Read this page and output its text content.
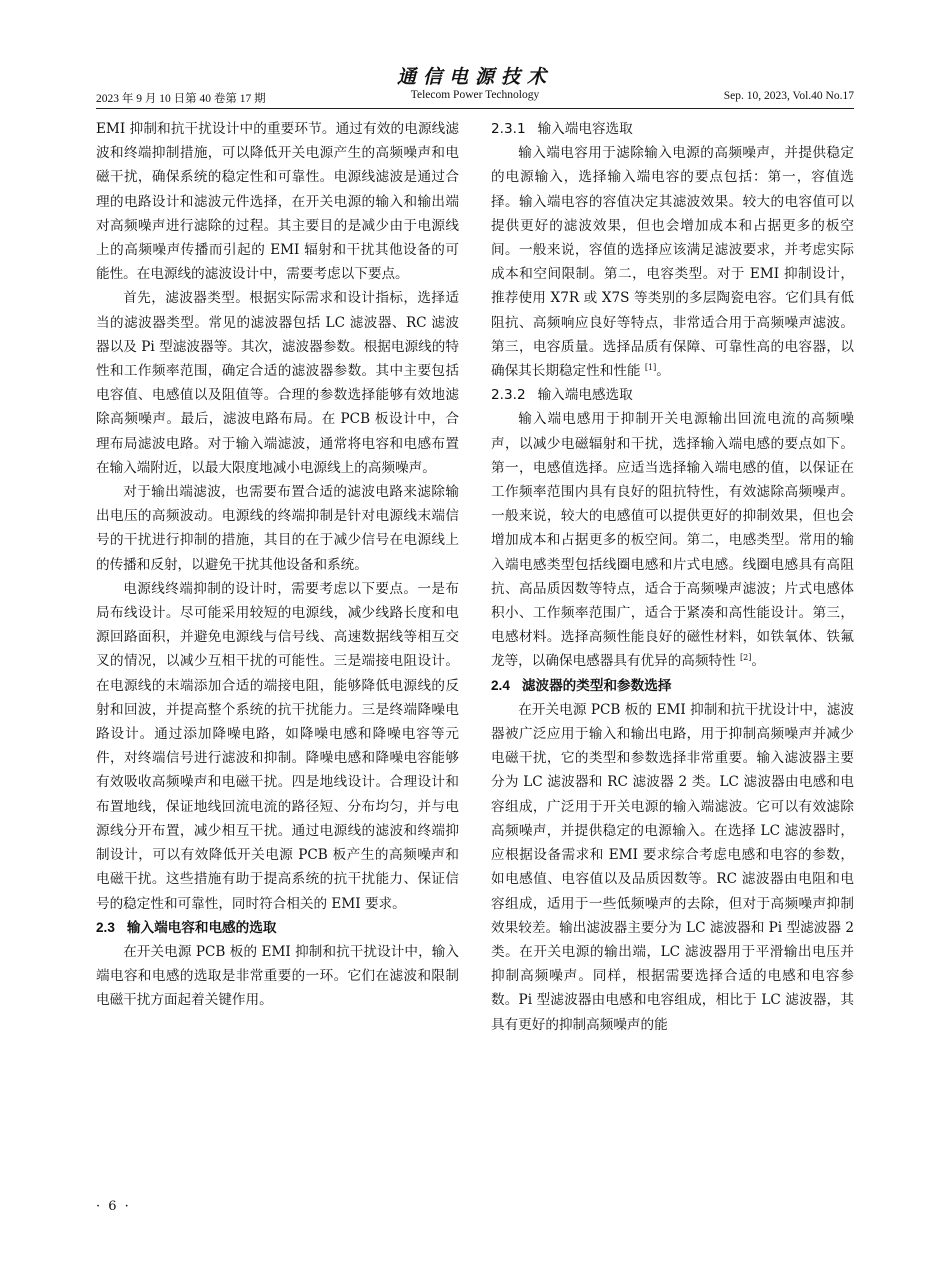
通信电源技术
Telecom Power Technology
2023 年 9 月 10 日第 40 卷第 17 期	Sep. 10, 2023, Vol.40 No.17

EMI 抑制和抗干扰设计中的重要环节。通过有效的电源线滤波和终端抑制措施，可以降低开关电源产生的高频噪声和电磁干扰，确保系统的稳定性和可靠性。电源线滤波是通过合理的电路设计和滤波元件选择，在开关电源的输入和输出端对高频噪声进行滤除的过程。其主要目的是减少由于电源线上的高频噪声传播而引起的 EMI 辐射和干扰其他设备的可能性。在电源线的滤波设计中，需要考虑以下要点。

首先，滤波器类型。根据实际需求和设计指标，选择适当的滤波器类型。常见的滤波器包括 LC 滤波器、RC 滤波器以及 Pi 型滤波器等。其次，滤波器参数。根据电源线的特性和工作频率范围，确定合适的滤波器参数。其中主要包括电容值、电感值以及阻值等。合理的参数选择能够有效地滤除高频噪声。最后，滤波电路布局。在 PCB 板设计中，合理布局滤波电路。对于输入端滤波，通常将电容和电感布置在输入端附近，以最大限度地减小电源线上的高频噪声。

对于输出端滤波，也需要布置合适的滤波电路来滤除输出电压的高频波动。电源线的终端抑制是针对电源线末端信号的干扰进行抑制的措施，其目的在于减少信号在电源线上的传播和反射，以避免干扰其他设备和系统。

电源线终端抑制的设计时，需要考虑以下要点。一是布局布线设计。尽可能采用较短的电源线，减少线路长度和电源回路面积，并避免电源线与信号线、高速数据线等相互交叉的情况，以减少互相干扰的可能性。三是端接电阻设计。在电源线的末端添加合适的端接电阻，能够降低电源线的反射和回波，并提高整个系统的抗干扰能力。三是终端降噪电路设计。通过添加降噪电路，如降噪电感和降噪电容等元件，对终端信号进行滤波和抑制。降噪电感和降噪电容能够有效吸收高频噪声和电磁干扰。四是地线设计。合理设计和布置地线，保证地线回流电流的路径短、分布均匀，并与电源线分开布置，减少相互干扰。通过电源线的滤波和终端抑制设计，可以有效降低开关电源 PCB 板产生的高频噪声和电磁干扰。这些措施有助于提高系统的抗干扰能力、保证信号的稳定性和可靠性，同时符合相关的 EMI 要求。

2.3 输入端电容和电感的选取

在开关电源 PCB 板的 EMI 抑制和抗干扰设计中，输入端电容和电感的选取是非常重要的一环。它们在滤波和限制电磁干扰方面起着关键作用。

2.3.1 输入端电容选取

输入端电容用于滤除输入电源的高频噪声，并提供稳定的电源输入，选择输入端电容的要点包括：第一，容值选择。输入端电容的容值决定其滤波效果。较大的电容值可以提供更好的滤波效果，但也会增加成本和占据更多的板空间。一般来说，容值的选择应该满足滤波要求，并考虑实际成本和空间限制。第二，电容类型。对于 EMI 抑制设计，推荐使用 X7R 或 X7S 等类别的多层陶瓷电容。它们具有低阻抗、高频响应良好等特点，非常适合用于高频噪声滤波。第三，电容质量。选择品质有保障、可靠性高的电容器，以确保其长期稳定性和性能 [1]。

2.3.2 输入端电感选取

输入端电感用于抑制开关电源输出回流电流的高频噪声，以减少电磁辐射和干扰，选择输入端电感的要点如下。第一，电感值选择。应适当选择输入端电感的值，以保证在工作频率范围内具有良好的阻抗特性，有效滤除高频噪声。一般来说，较大的电感值可以提供更好的抑制效果，但也会增加成本和占据更多的板空间。第二，电感类型。常用的输入端电感类型包括线圈电感和片式电感。线圈电感具有高阻抗、高品质因数等特点，适合于高频噪声滤波；片式电感体积小、工作频率范围广，适合于紧凑和高性能设计。第三，电感材料。选择高频性能良好的磁性材料，如铁氧体、铁氟龙等，以确保电感器具有优异的高频特性 [2]。

2.4 滤波器的类型和参数选择

在开关电源 PCB 板的 EMI 抑制和抗干扰设计中，滤波器被广泛应用于输入和输出电路，用于抑制高频噪声并减少电磁干扰，它的类型和参数选择非常重要。输入滤波器主要分为 LC 滤波器和 RC 滤波器 2 类。LC 滤波器由电感和电容组成，广泛用于开关电源的输入端滤波。它可以有效滤除高频噪声，并提供稳定的电源输入。在选择 LC 滤波器时，应根据设备需求和 EMI 要求综合考虑电感和电容的参数，如电感值、电容值以及品质因数等。RC 滤波器由电阻和电容组成，适用于一些低频噪声的去除，但对于高频噪声抑制效果较差。输出滤波器主要分为 LC 滤波器和 Pi 型滤波器 2 类。在开关电源的输出端，LC 滤波器用于平滑输出电压并抑制高频噪声。同样，根据需要选择合适的电感和电容参数。Pi 型滤波器由电感和电容组成，相比于 LC 滤波器，其具有更好的抑制高频噪声的能

· 6 ·
